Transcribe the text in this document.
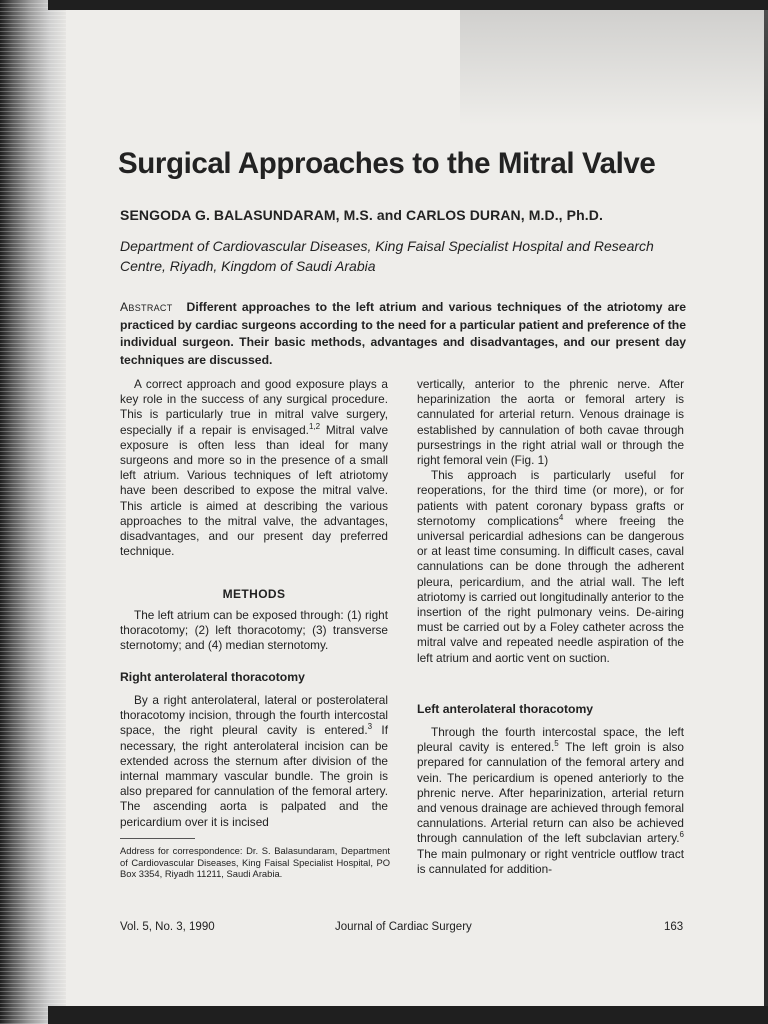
Surgical Approaches to the Mitral Valve
SENGODA G. BALASUNDARAM, M.S. and CARLOS DURAN, M.D., Ph.D.
Department of Cardiovascular Diseases, King Faisal Specialist Hospital and Research Centre, Riyadh, Kingdom of Saudi Arabia
Abstract Different approaches to the left atrium and various techniques of the atriotomy are practiced by cardiac surgeons according to the need for a particular patient and preference of the individual surgeon. Their basic methods, advantages and disadvantages, and our present day techniques are discussed.

A correct approach and good exposure plays a key role in the success of any surgical procedure. This is particularly true in mitral valve surgery, especially if a repair is envisaged.$^{1,2}$ Mitral valve exposure is often less than ideal for many surgeons and more so in the presence of a small left atrium. Various techniques of left atriotomy have been described to expose the mitral valve. This article is aimed at describing the various approaches to the mitral valve, the advantages, disadvantages, and our present day preferred technique.

METHODS

The left atrium can be exposed through: (1) right thoracotomy; (2) left thoracotomy; (3) transverse sternotomy; and (4) median sternotomy.

Right anterolateral thoracotomy

By a right anterolateral, lateral or posterolateral thoracotomy incision, through the fourth intercostal space, the right pleural cavity is entered.$^3$ If necessary, the right anterolateral incision can be extended across the sternum after division of the internal mammary vascular bundle. The groin is also prepared for cannulation of the femoral artery. The ascending aorta is palpated and the pericardium over it is incised

Address for correspondence: Dr. S. Balasundaram, Department of Cardiovascular Diseases, King Faisal Specialist Hospital, PO Box 3354, Riyadh 11211, Saudi Arabia.

vertically, anterior to the phrenic nerve. After heparinization the aorta or femoral artery is cannulated for arterial return. Venous drainage is established by cannulation of both cavae through pursestrings in the right atrial wall or through the right femoral vein (Fig. 1)

This approach is particularly useful for reoperations, for the third time (or more), or for patients with patent coronary bypass grafts or sternotomy complications$^4$ where freeing the universal pericardial adhesions can be dangerous or at least time consuming. In difficult cases, caval cannulations can be done through the adherent pleura, pericardium, and the atrial wall. The left atriotomy is carried out longitudinally anterior to the insertion of the right pulmonary veins. De-airing must be carried out by a Foley catheter across the mitral valve and repeated needle aspiration of the left atrium and aortic vent on suction.

Left anterolateral thoracotomy

Through the fourth intercostal space, the left pleural cavity is entered.$^5$ The left groin is also prepared for cannulation of the femoral artery and vein. The pericardium is opened anteriorly to the phrenic nerve. After heparinization, arterial return and venous drainage are achieved through femoral cannulations. Arterial return can also be achieved through cannulation of the left subclavian artery.$^6$ The main pulmonary or right ventricle outflow tract is cannulated for addition-

Vol. 5, No. 3, 1990	Journal of Cardiac Surgery	163
